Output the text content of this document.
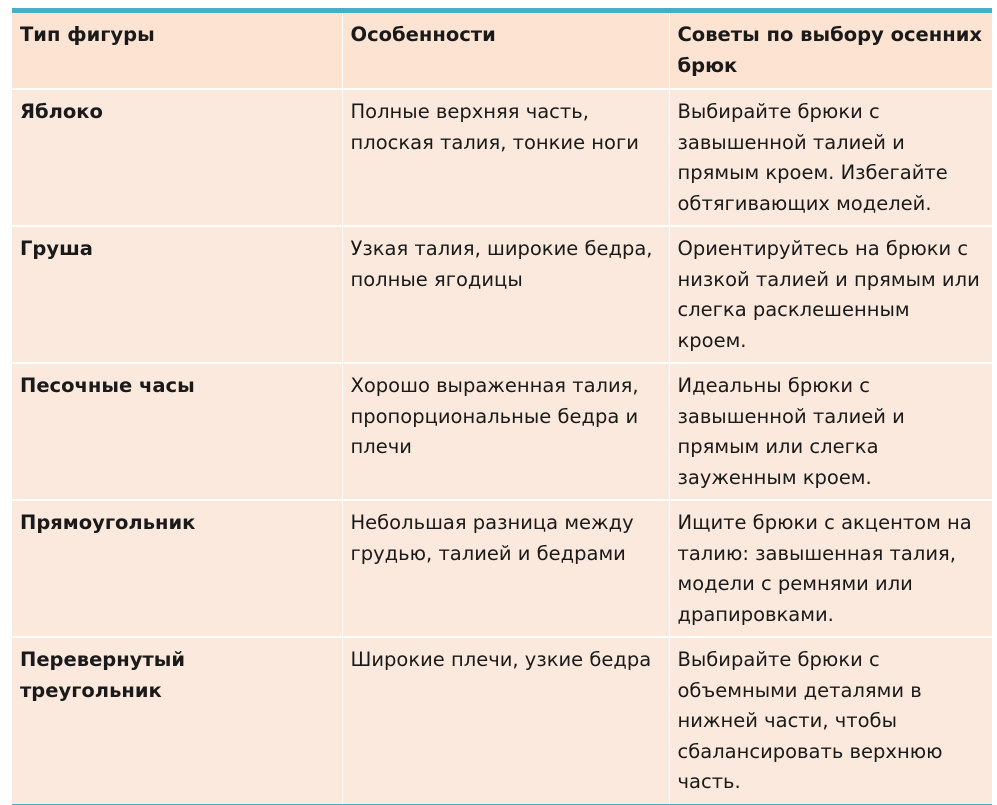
Тип фигуры	Особенности	Советы по выбору осенних брюк
Яблоко	Полные верхняя часть, плоская талия, тонкие ноги	Выбирайте брюки с завышенной талией и прямым кроем. Избегайте обтягивающих моделей.
Груша	Узкая талия, широкие бедра, полные ягодицы	Ориентируйтесь на брюки с низкой талией и прямым или слегка расклешенным кроем.
Песочные часы	Хорошо выраженная талия, пропорциональные бедра и плечи	Идеальны брюки с завышенной талией и прямым или слегка зауженным кроем.
Прямоугольник	Небольшая разница между грудью, талией и бедрами	Ищите брюки с акцентом на талию: завышенная талия, модели с ремнями или драпировками.
Перевернутый треугольник	Широкие плечи, узкие бедра	Выбирайте брюки с объемными деталями в нижней части, чтобы сбалансировать верхнюю часть.
